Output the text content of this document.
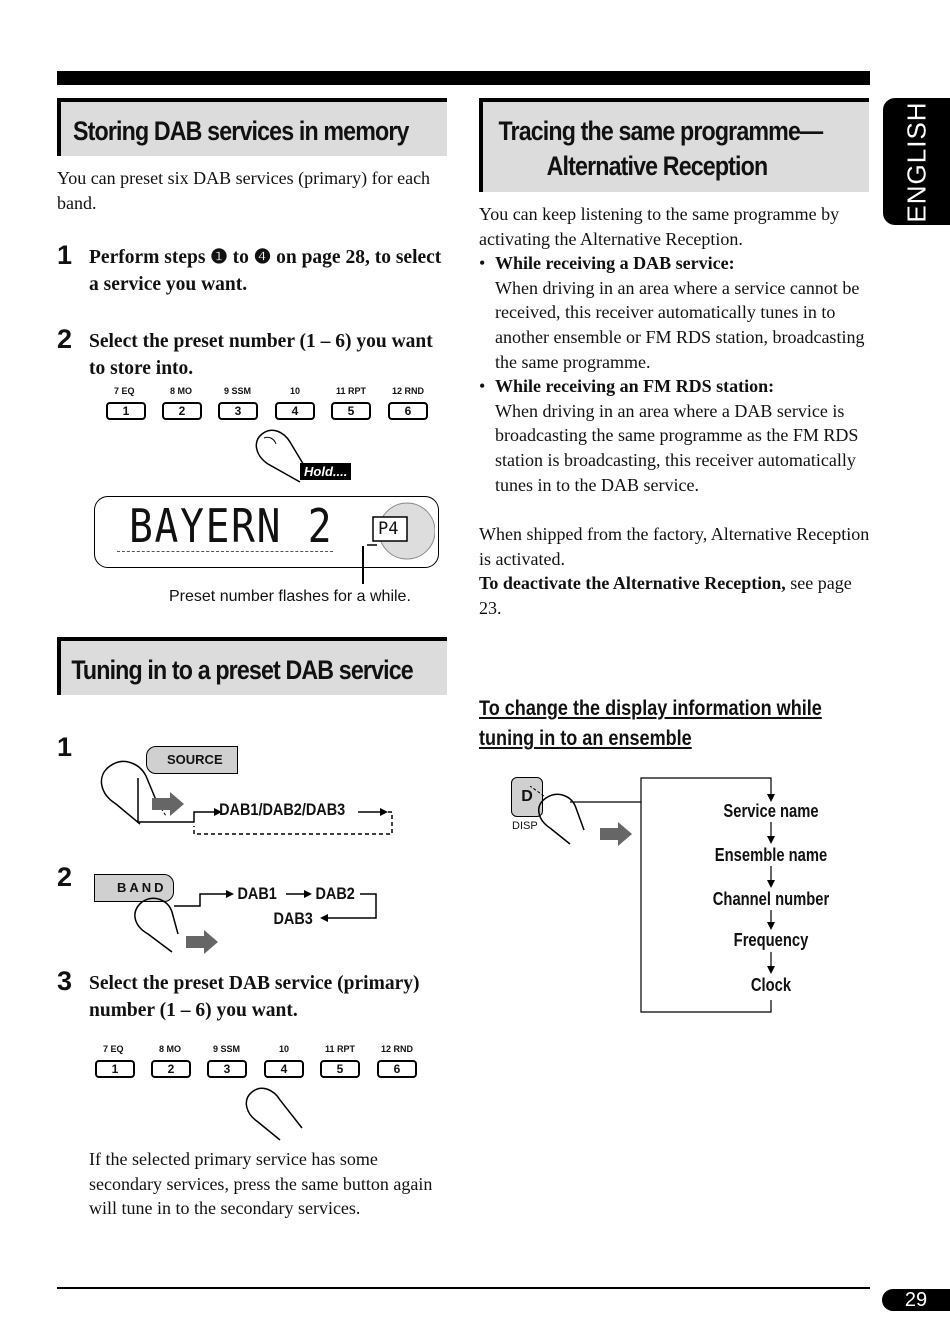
ENGLISH
29
Storing DAB services in memory
You can preset six DAB services (primary) for each band.
1 Perform steps ❶ to ❹ on page 28, to select a service you want.
2 Select the preset number (1 – 6) you want to store into.
7 EQ	8 MO	9 SSM	10	11 RPT	12 RND
1	2	3	4	5	6
Hold....
BAYERN 2	P4
Preset number flashes for a while.
Tuning in to a preset DAB service
1	SOURCE
DAB1/DAB2/DAB3
2	BAND	DAB1 DAB2
DAB3
3 Select the preset DAB service (primary) number (1 – 6) you want.
7 EQ	8 MO	9 SSM	10	11 RPT	12 RND
1	2	3	4	5	6
If the selected primary service has some secondary services, press the same button again will tune in to the secondary services.
Tracing the same programme—
Alternative Reception
You can keep listening to the same programme by activating the Alternative Reception.
• While receiving a DAB service:
When driving in an area where a service cannot be received, this receiver automatically tunes in to another ensemble or FM RDS station, broadcasting the same programme.
• While receiving an FM RDS station:
When driving in an area where a DAB service is broadcasting the same programme as the FM RDS station is broadcasting, this receiver automatically tunes in to the DAB service.
When shipped from the factory, Alternative Reception is activated.
To deactivate the Alternative Reception, see page 23.
To change the display information while
tuning in to an ensemble
D
DISP
Service name
Ensemble name
Channel number
Frequency
Clock
